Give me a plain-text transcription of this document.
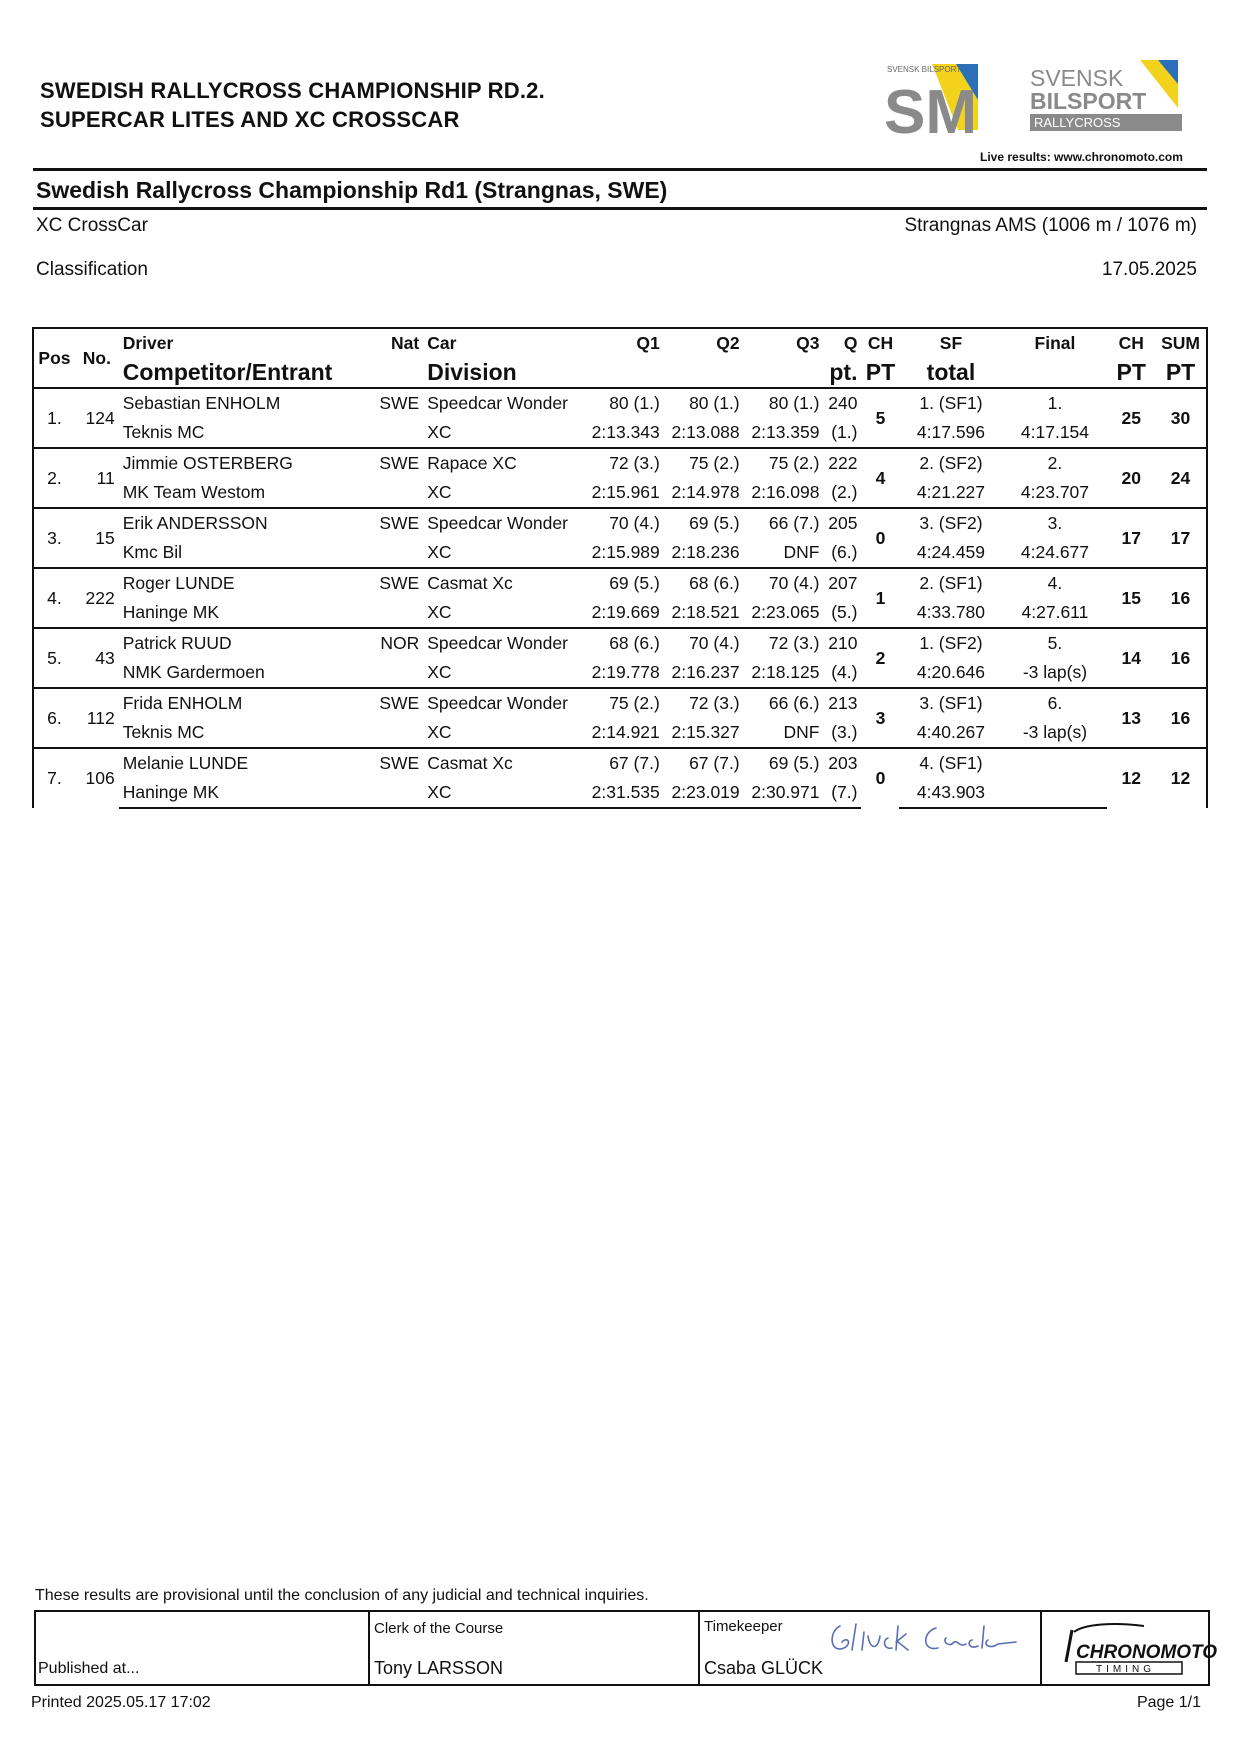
SWEDISH RALLYCROSS CHAMPIONSHIP RD.2.
SUPERCAR LITES AND XC CROSSCAR
SVENSK BILSPORT
SM SVENSK
BILSPORT
RALLYCROSS
Live results: www.chronomoto.com
Swedish Rallycross Championship Rd1 (Strangnas, SWE)
XC CrossCar	Strangnas AMS (1006 m / 1076 m)
Classification	17.05.2025
Pos	No.	Driver	Nat	Car	Q1	Q2	Q3	Q	CH	SF	Final	CH	SUM
		Competitor/Entrant		Division				pt.	PT	total		PT	PT
1.	124	Sebastian ENHOLM	SWE	Speedcar Wonder	80 (1.)	80 (1.)	80 (1.)	240	5	1. (SF1)	1.	25	30
		Teknis MC		XC	2:13.343	2:13.088	2:13.359	(1.)		4:17.596	4:17.154		
2.	11	Jimmie OSTERBERG	SWE	Rapace XC	72 (3.)	75 (2.)	75 (2.)	222	4	2. (SF2)	2.	20	24
		MK Team Westom		XC	2:15.961	2:14.978	2:16.098	(2.)		4:21.227	4:23.707		
3.	15	Erik ANDERSSON	SWE	Speedcar Wonder	70 (4.)	69 (5.)	66 (7.)	205	0	3. (SF2)	3.	17	17
		Kmc Bil		XC	2:15.989	2:18.236	DNF	(6.)		4:24.459	4:24.677		
4.	222	Roger LUNDE	SWE	Casmat Xc	69 (5.)	68 (6.)	70 (4.)	207	1	2. (SF1)	4.	15	16
		Haninge MK		XC	2:19.669	2:18.521	2:23.065	(5.)		4:33.780	4:27.611		
5.	43	Patrick RUUD	NOR	Speedcar Wonder	68 (6.)	70 (4.)	72 (3.)	210	2	1. (SF2)	5.	14	16
		NMK Gardermoen		XC	2:19.778	2:16.237	2:18.125	(4.)		4:20.646	-3 lap(s)		
6.	112	Frida ENHOLM	SWE	Speedcar Wonder	75 (2.)	72 (3.)	66 (6.)	213	3	3. (SF1)	6.	13	16
		Teknis MC		XC	2:14.921	2:15.327	DNF	(3.)		4:40.267	-3 lap(s)		
7.	106	Melanie LUNDE	SWE	Casmat Xc	67 (7.)	67 (7.)	69 (5.)	203	0	4. (SF1)		12	12
		Haninge MK		XC	2:31.535	2:23.019	2:30.971	(7.)		4:43.903			
These results are provisional until the conclusion of any judicial and technical inquiries.
Published at...
Clerk of the Course
Tony LARSSON
Timekeeper
Csaba GLÜCK
CHRONOMOTO
TIMING
Printed 2025.05.17 17:02	Page 1/1
